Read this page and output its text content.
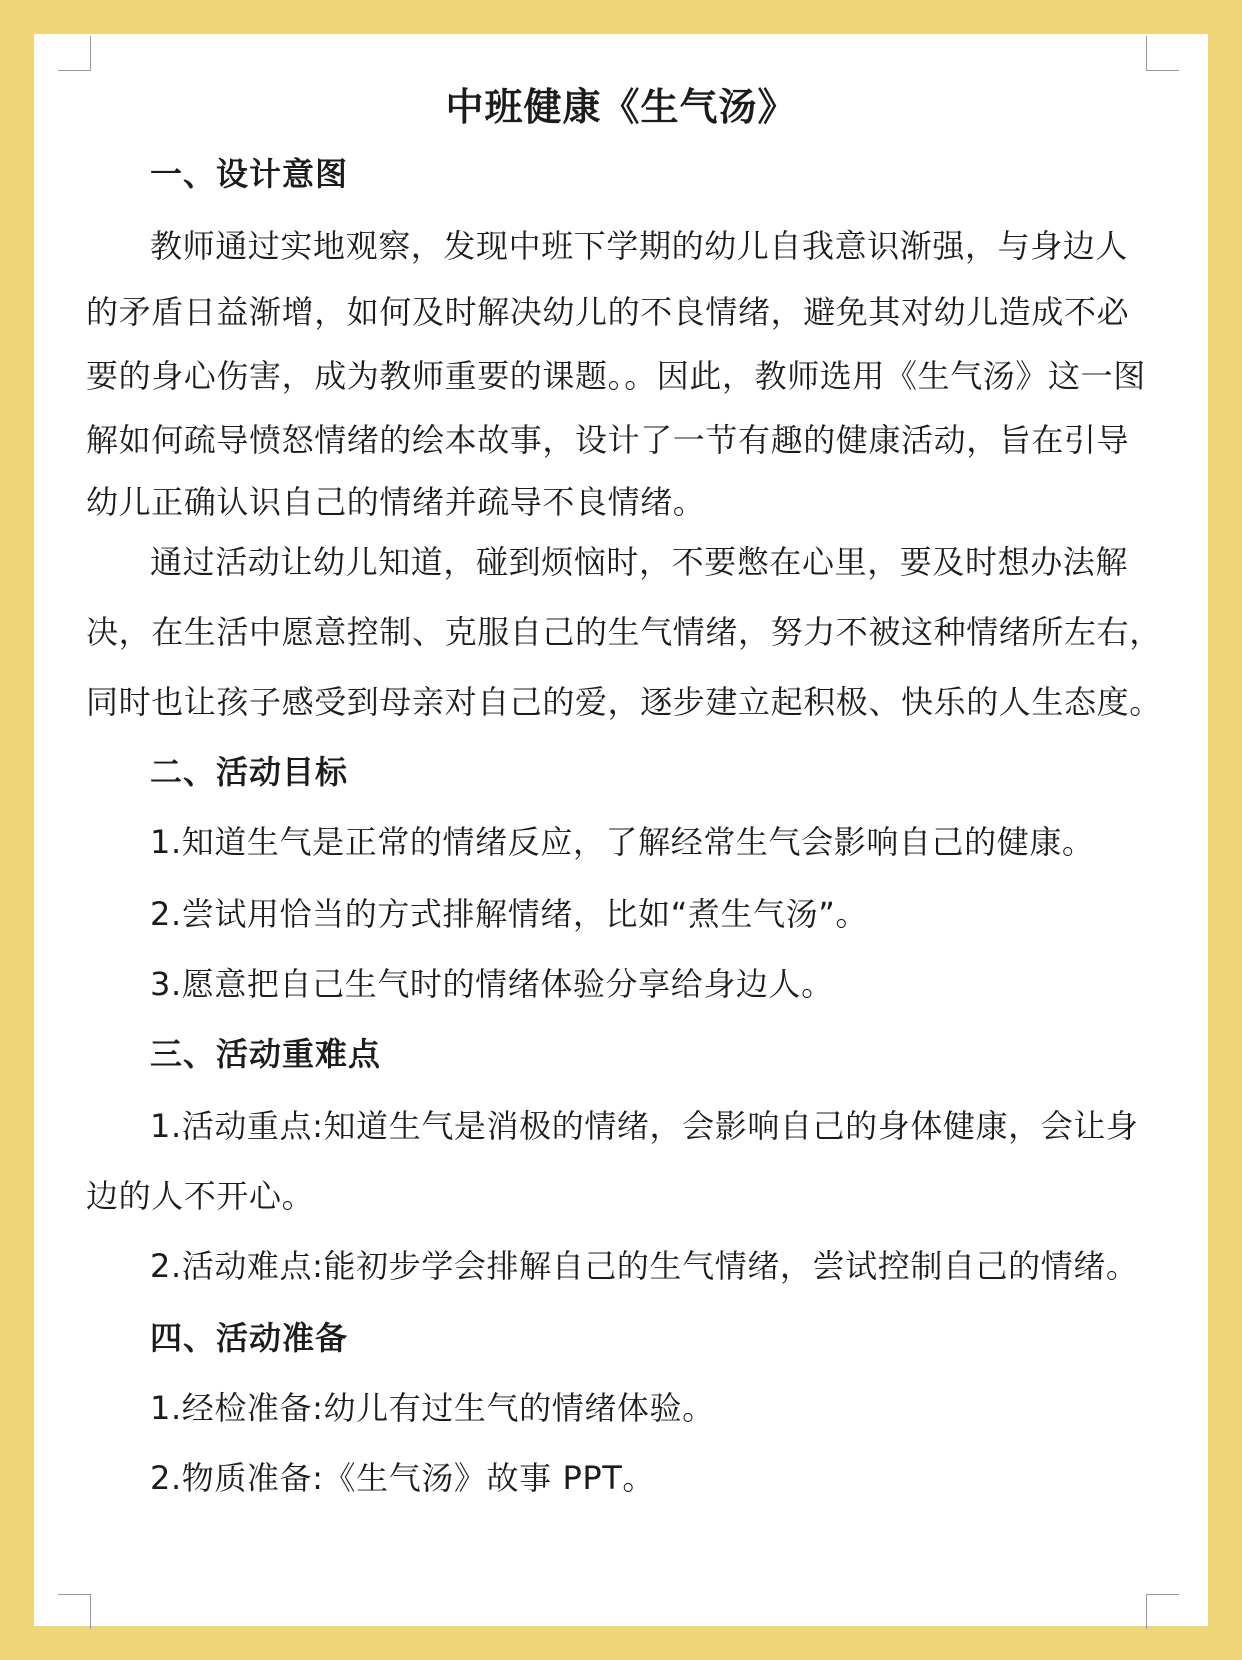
中班健康《生气汤》
一、设计意图
教师通过实地观察，发现中班下学期的幼儿自我意识渐强，与身边人
的矛盾日益渐增，如何及时解决幼儿的不良情绪，避免其对幼儿造成不必
要的身心伤害，成为教师重要的课题。。因此，教师选用《生气汤》这一图
解如何疏导愤怒情绪的绘本故事，设计了一节有趣的健康活动，旨在引导
幼儿正确认识自己的情绪并疏导不良情绪。
通过活动让幼儿知道，碰到烦恼时，不要憋在心里，要及时想办法解
决，在生活中愿意控制、克服自己的生气情绪，努力不被这种情绪所左右，
同时也让孩子感受到母亲对自己的爱，逐步建立起积极、快乐的人生态度。
二、活动目标
1.知道生气是正常的情绪反应，了解经常生气会影响自己的健康。
2.尝试用恰当的方式排解情绪，比如“煮生气汤”。
3.愿意把自己生气时的情绪体验分享给身边人。
三、活动重难点
1.活动重点:知道生气是消极的情绪，会影响自己的身体健康，会让身
边的人不开心。
2.活动难点:能初步学会排解自己的生气情绪，尝试控制自己的情绪。
四、活动准备
1.经检准备:幼儿有过生气的情绪体验。
2.物质准备:《生气汤》故事 PPT。
